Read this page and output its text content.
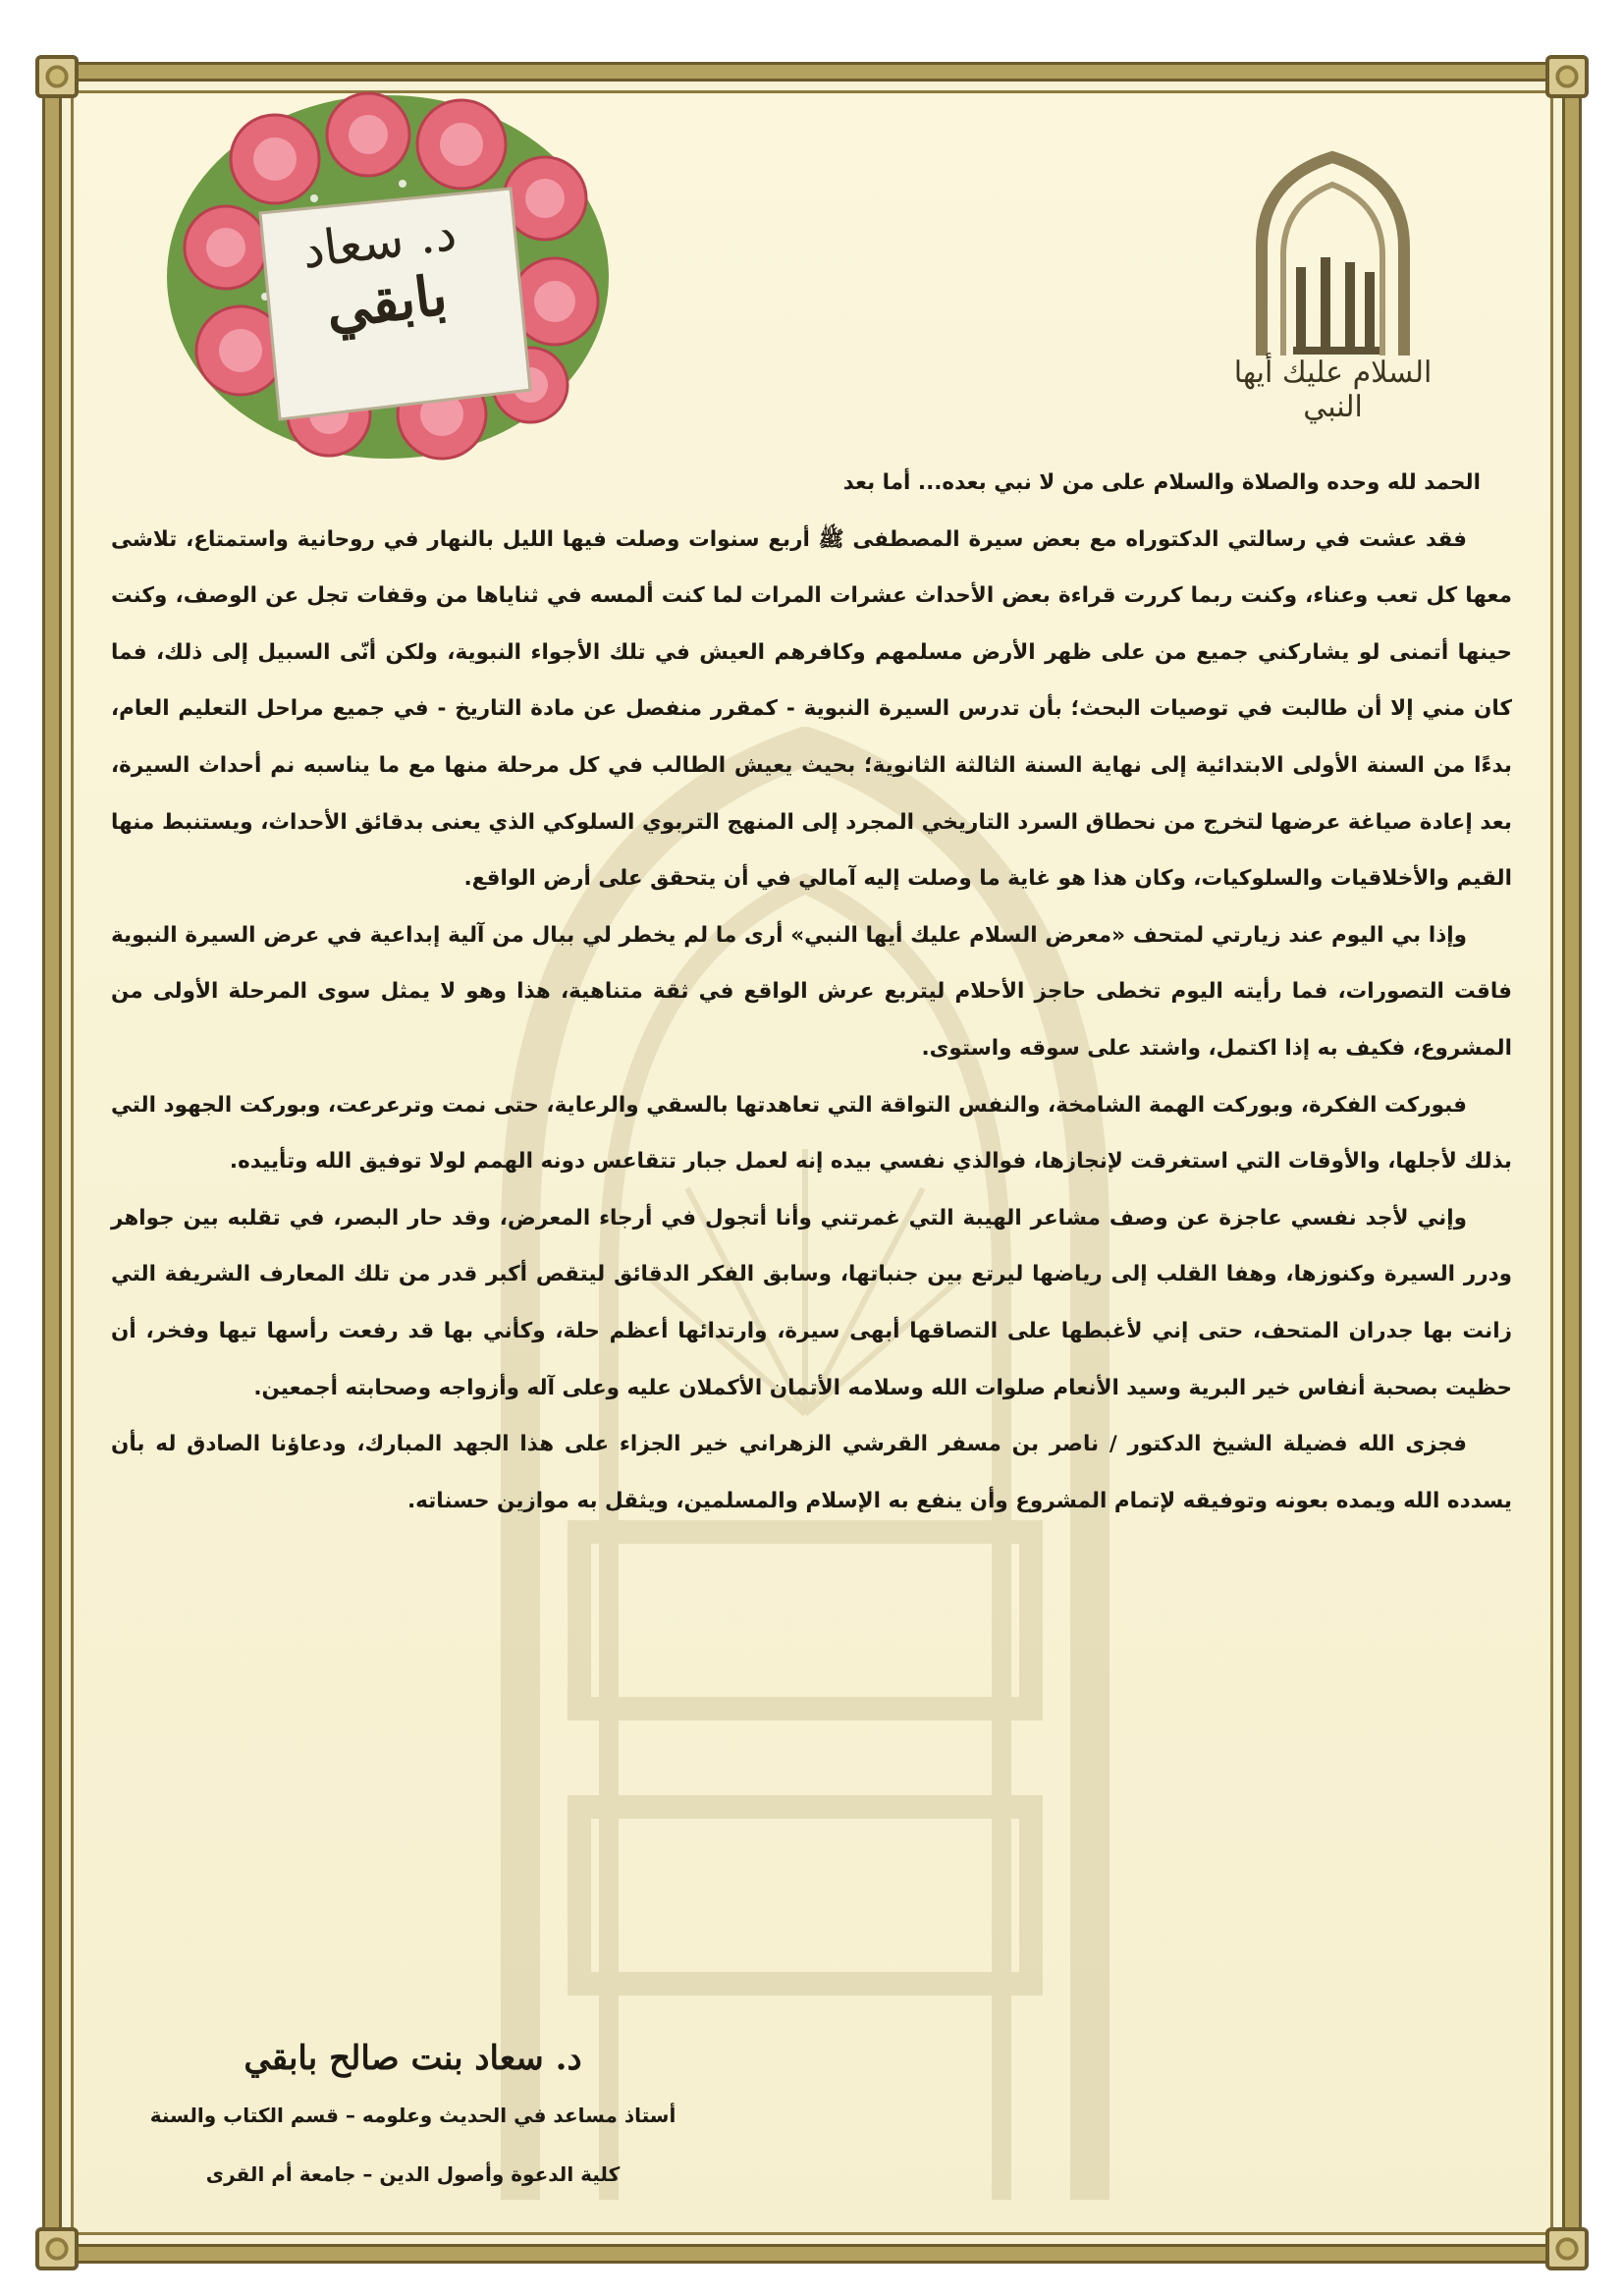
السلام عليك أيها النبي
د. سعاد
بابقي

الحمد لله وحده والصلاة والسلام على من لا نبي بعده... أما بعد

فقد عشت في رسالتي الدكتوراه مع بعض سيرة المصطفى ﷺ أربع سنوات وصلت فيها الليل بالنهار في روحانية واستمتاع، تلاشى معها كل تعب وعناء، وكنت ربما كررت قراءة بعض الأحداث عشرات المرات لما كنت ألمسه في ثناياها من وقفات تجل عن الوصف، وكنت حينها أتمنى لو يشاركني جميع من على ظهر الأرض مسلمهم وكافرهم العيش في تلك الأجواء النبوية، ولكن أنّى السبيل إلى ذلك، فما كان مني إلا أن طالبت في توصيات البحث؛ بأن تدرس السيرة النبوية - كمقرر منفصل عن مادة التاريخ - في جميع مراحل التعليم العام، بدءًا من السنة الأولى الابتدائية إلى نهاية السنة الثالثة الثانوية؛ بحيث يعيش الطالب في كل مرحلة منها مع ما يناسبه نم أحداث السيرة، بعد إعادة صياغة عرضها لتخرج من نحطاق السرد التاريخي المجرد إلى المنهج التربوي السلوكي الذي يعنى بدقائق الأحداث، ويستنبط منها القيم والأخلاقيات والسلوكيات، وكان هذا هو غاية ما وصلت إليه آمالي في أن يتحقق على أرض الواقع.

وإذا بي اليوم عند زيارتي لمتحف «معرض السلام عليك أيها النبي» أرى ما لم يخطر لي ببال من آلية إبداعية في عرض السيرة النبوية فاقت التصورات، فما رأيته اليوم تخطى حاجز الأحلام ليتربع عرش الواقع في ثقة متناهية، هذا وهو لا يمثل سوى المرحلة الأولى من المشروع، فكيف به إذا اكتمل، واشتد على سوقه واستوى.

فبوركت الفكرة، وبوركت الهمة الشامخة، والنفس التواقة التي تعاهدتها بالسقي والرعاية، حتى نمت وترعرعت، وبوركت الجهود التي بذلك لأجلها، والأوقات التي استغرقت لإنجازها، فوالذي نفسي بيده إنه لعمل جبار تتقاعس دونه الهمم لولا توفيق الله وتأييده.

وإني لأجد نفسي عاجزة عن وصف مشاعر الهيبة التي غمرتني وأنا أتجول في أرجاء المعرض، وقد حار البصر، في تقلبه بين جواهر ودرر السيرة وكنوزها، وهفا القلب إلى رياضها ليرتع بين جنباتها، وسابق الفكر الدقائق ليتقص أكبر قدر من تلك المعارف الشريفة التي زانت بها جدران المتحف، حتى إني لأغبطها على التصاقها أبهى سيرة، وارتدائها أعظم حلة، وكأني بها قد رفعت رأسها تيها وفخر، أن حظيت بصحبة أنفاس خير البرية وسيد الأنعام صلوات الله وسلامه الأتمان الأكملان عليه وعلى آله وأزواجه وصحابته أجمعين.

فجزى الله فضيلة الشيخ الدكتور / ناصر بن مسفر القرشي الزهراني خير الجزاء على هذا الجهد المبارك، ودعاؤنا الصادق له بأن يسدده الله ويمده بعونه وتوفيقه لإتمام المشروع وأن ينفع به الإسلام والمسلمين، ويثقل به موازين حسناته.

د. سعاد بنت صالح بابقي
أستاذ مساعد في الحديث وعلومه – قسم الكتاب والسنة
كلية الدعوة وأصول الدين – جامعة أم القرى
